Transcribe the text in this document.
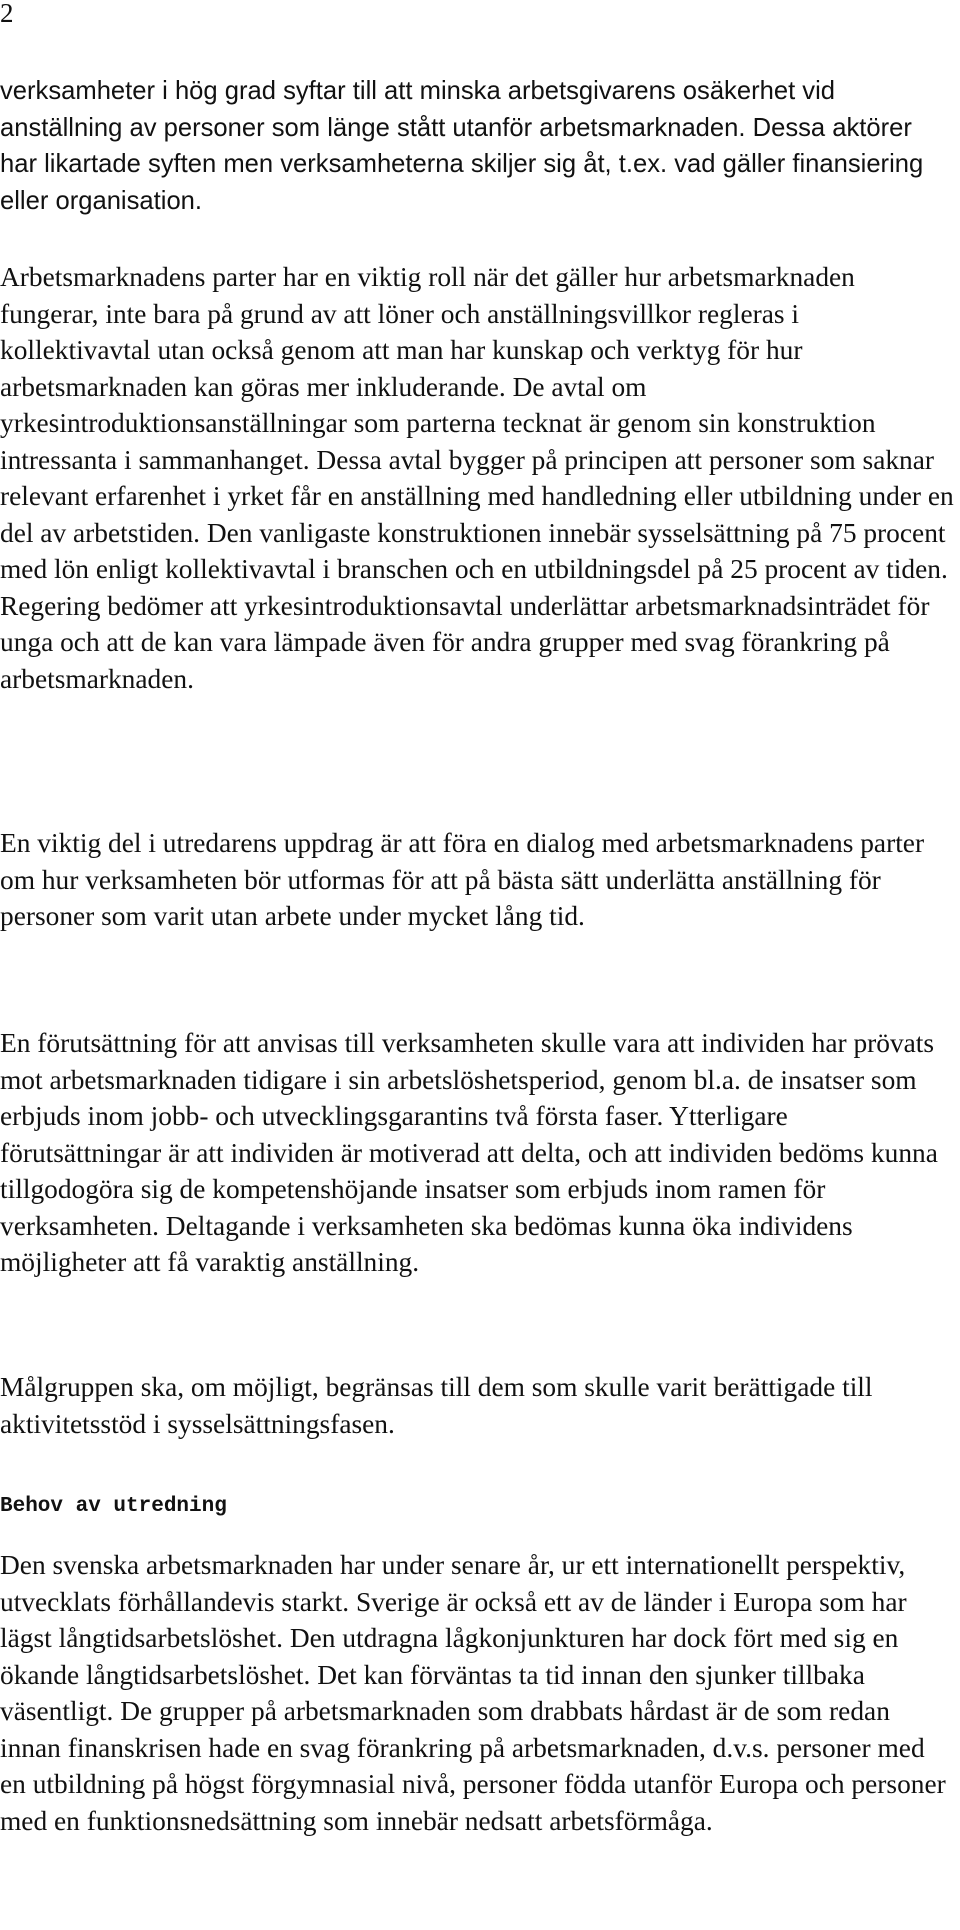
2

verksamheter i hög grad syftar till att minska arbetsgivarens osäkerhet vid anställning av personer som länge stått utanför arbetsmarknaden. Dessa aktörer har likartade syften men verksamheterna skiljer sig åt, t.ex. vad gäller finansiering eller organisation.

Arbetsmarknadens parter har en viktig roll när det gäller hur arbetsmarknaden fungerar, inte bara på grund av att löner och anställningsvillkor regleras i kollektivavtal utan också genom att man har kunskap och verktyg för hur arbetsmarknaden kan göras mer inkluderande. De avtal om yrkesintroduktionsanställningar som parterna tecknat är genom sin konstruktion intressanta i sammanhanget. Dessa avtal bygger på principen att personer som saknar relevant erfarenhet i yrket får en anställning med handledning eller utbildning under en del av arbetstiden. Den vanligaste konstruktionen innebär sysselsättning på 75 procent med lön enligt kollektivavtal i branschen och en utbildningsdel på 25 procent av tiden. Regering bedömer att yrkesintroduktionsavtal underlättar arbetsmarknadsinträdet för unga och att de kan vara lämpade även för andra grupper med svag förankring på arbetsmarknaden.

En viktig del i utredarens uppdrag är att föra en dialog med arbetsmarknadens parter om hur verksamheten bör utformas för att på bästa sätt underlätta anställning för personer som varit utan arbete under mycket lång tid.

En förutsättning för att anvisas till verksamheten skulle vara att individen har prövats mot arbetsmarknaden tidigare i sin arbetslöshetsperiod, genom bl.a. de insatser som erbjuds inom jobb- och utvecklingsgarantins två första faser. Ytterligare förutsättningar är att individen är motiverad att delta, och att individen bedöms kunna tillgodogöra sig de kompetenshöjande insatser som erbjuds inom ramen för verksamheten. Deltagande i verksamheten ska bedömas kunna öka individens möjligheter att få varaktig anställning.

Målgruppen ska, om möjligt, begränsas till dem som skulle varit berättigade till aktivitetsstöd i sysselsättningsfasen.

Behov av utredning

Den svenska arbetsmarknaden har under senare år, ur ett internationellt perspektiv, utvecklats förhållandevis starkt. Sverige är också ett av de länder i Europa som har lägst långtidsarbetslöshet. Den utdragna lågkonjunkturen har dock fört med sig en ökande långtidsarbetslöshet. Det kan förväntas ta tid innan den sjunker tillbaka väsentligt. De grupper på arbetsmarknaden som drabbats hårdast är de som redan innan finanskrisen hade en svag förankring på arbetsmarknaden, d.v.s. personer med en utbildning på högst förgymnasial nivå, personer födda utanför Europa och personer med en funktionsnedsättning som innebär nedsatt arbetsförmåga.
